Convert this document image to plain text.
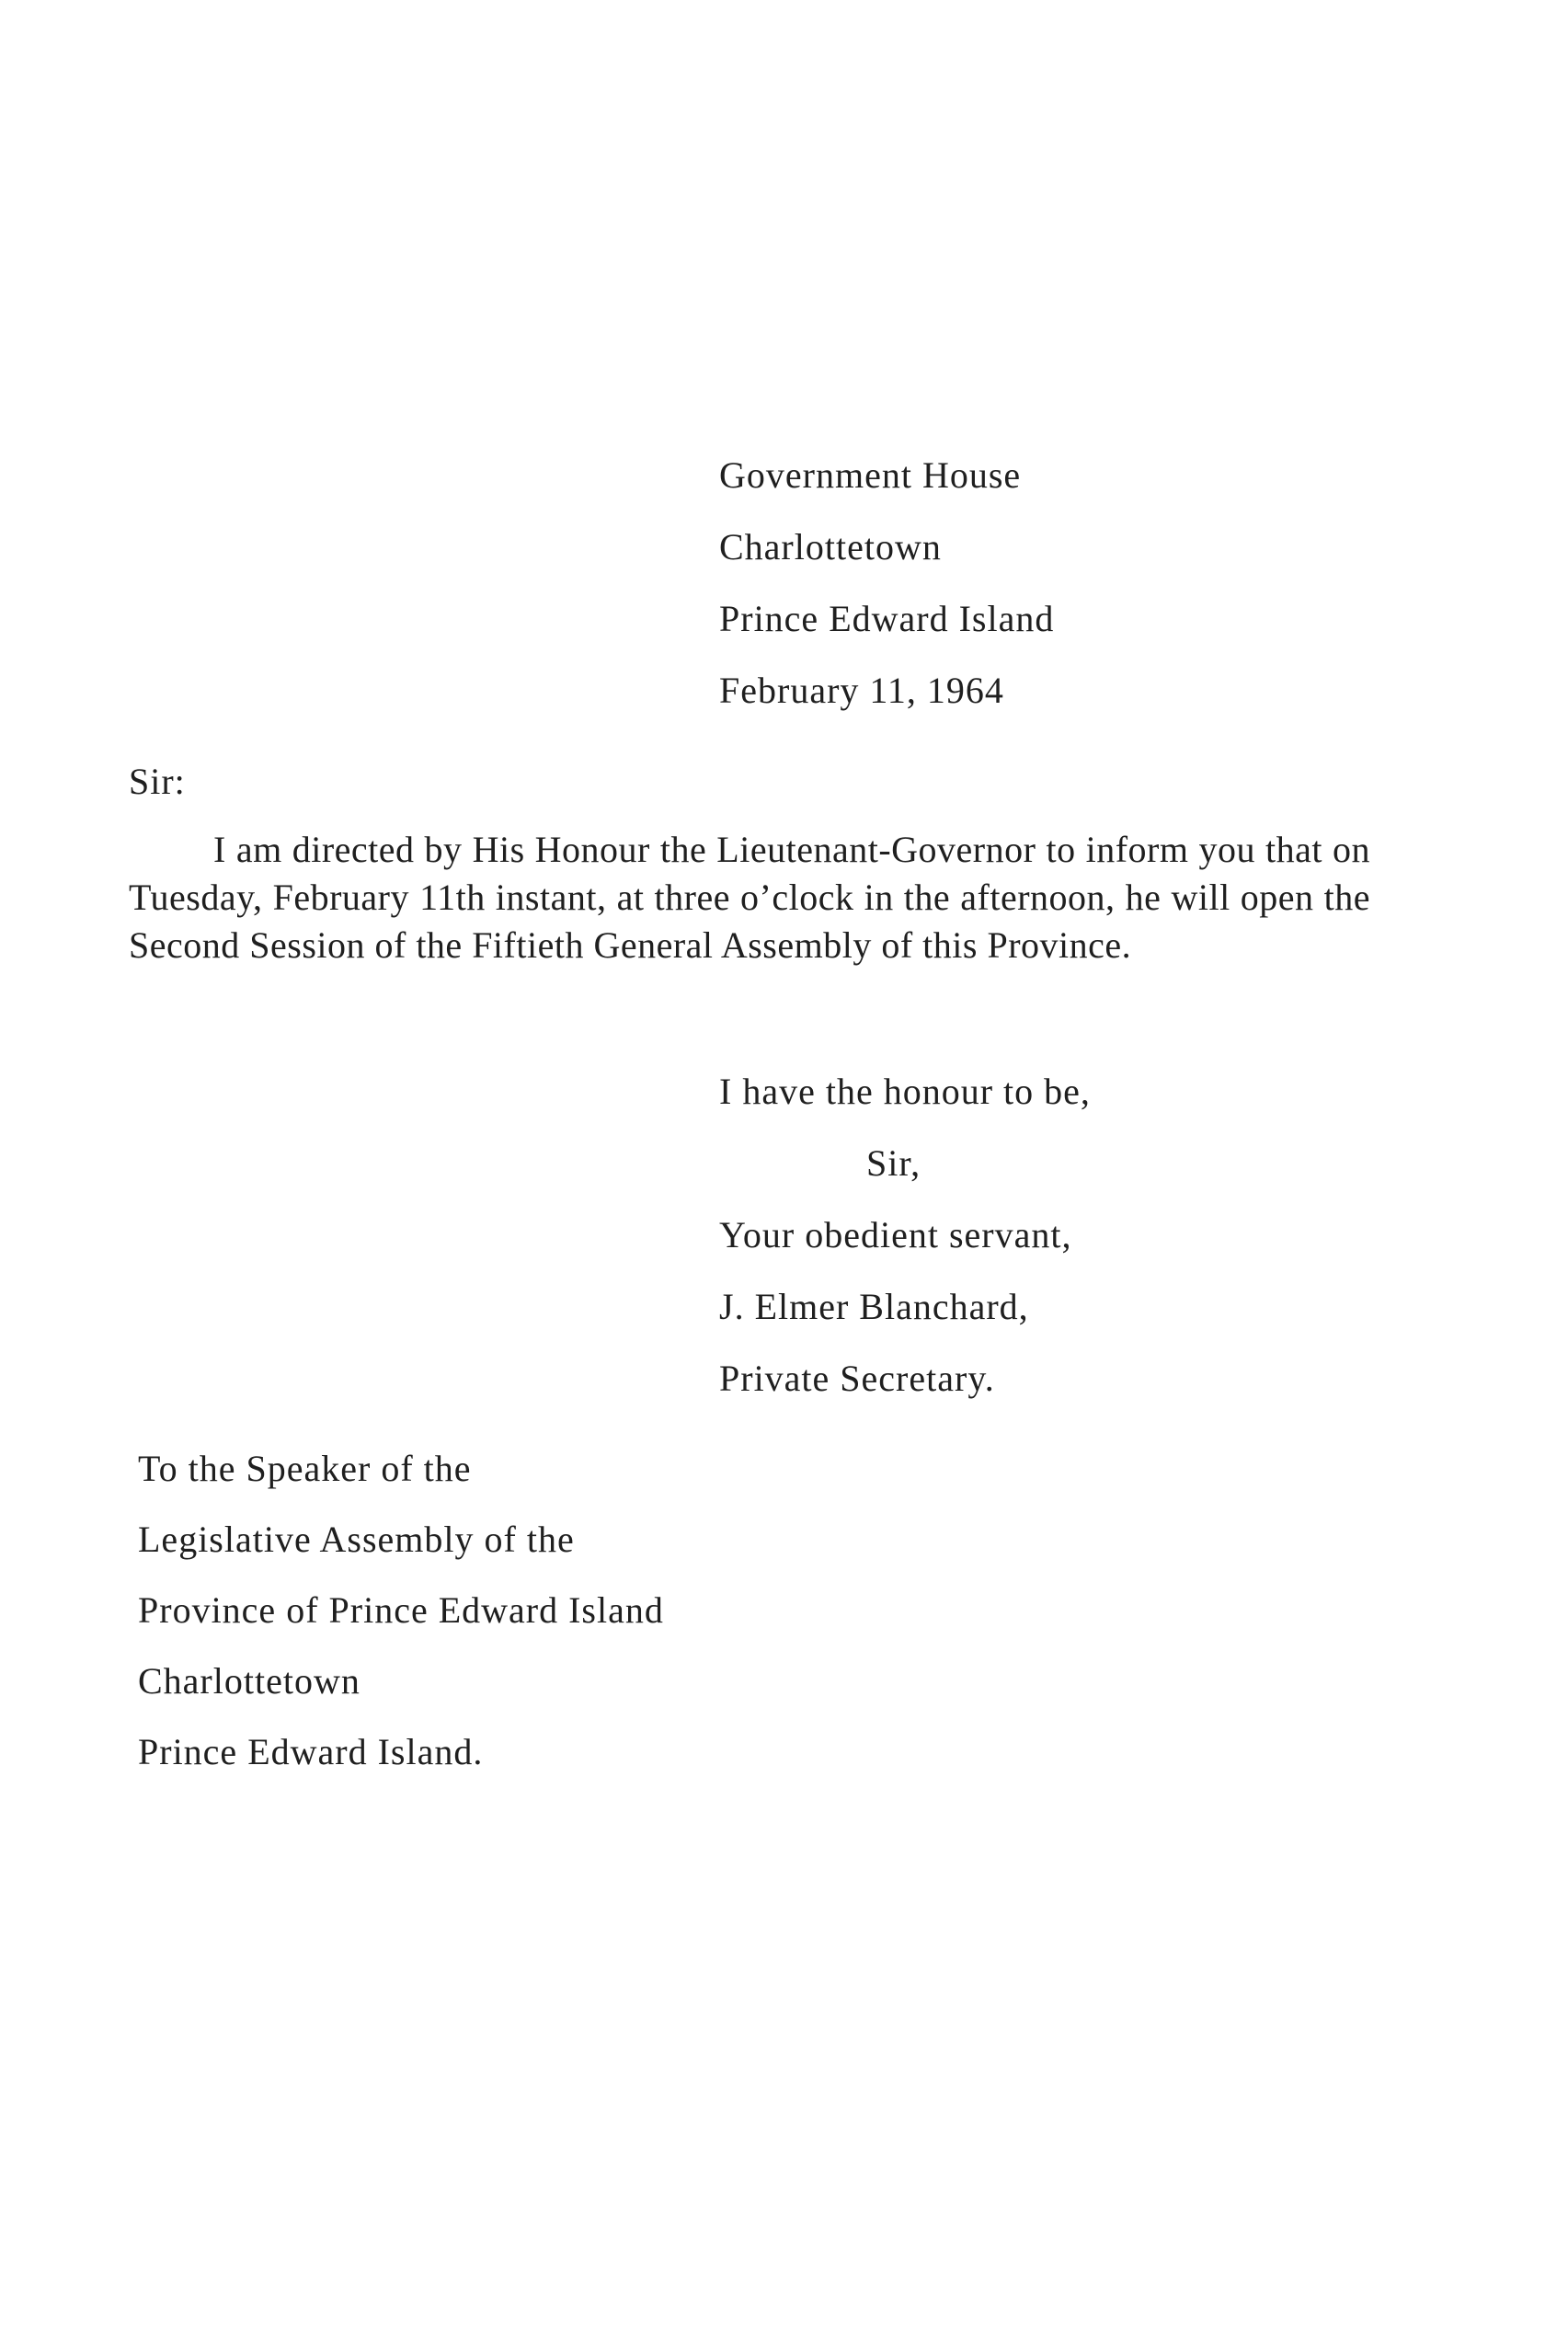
Government House
Charlottetown
Prince Edward Island
February 11, 1964
Sir:

I am directed by His Honour the Lieutenant-Governor to inform you that on Tuesday, February 11th instant, at three o’clock in the afternoon, he will open the Second Session of the Fiftieth General Assembly of this Province.

I have the honour to be,
Sir,
Your obedient servant,
J. Elmer Blanchard,
Private Secretary.
To the Speaker of the
Legislative Assembly of the
Province of Prince Edward Island
Charlottetown
Prince Edward Island.
